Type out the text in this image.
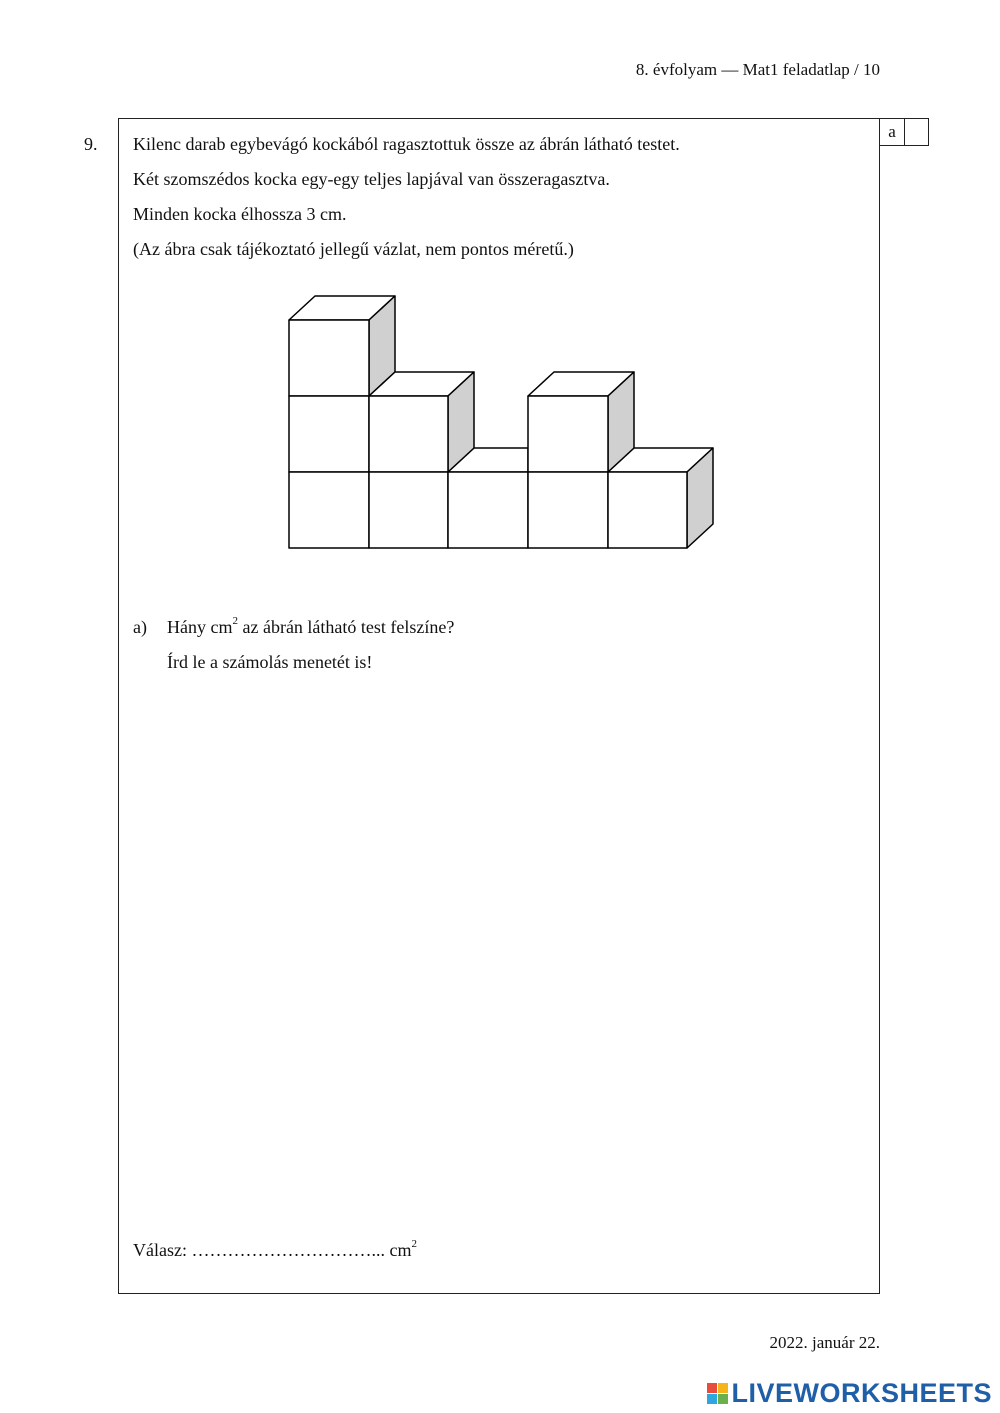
8. évfolyam — Mat1 feladatlap / 10
9.
a
Kilenc darab egybevágó kockából ragasztottuk össze az ábrán látható testet.
Két szomszédos kocka egy-egy teljes lapjával van összeragasztva.
Minden kocka élhossza 3 cm.
(Az ábra csak tájékoztató jellegű vázlat, nem pontos méretű.)
a) Hány $cm^2$ az ábrán látható test felszíne?
Írd le a számolás menetét is!
Válasz: …………………………... $cm^2$
2022. január 22.
LIVEWORKSHEETS
